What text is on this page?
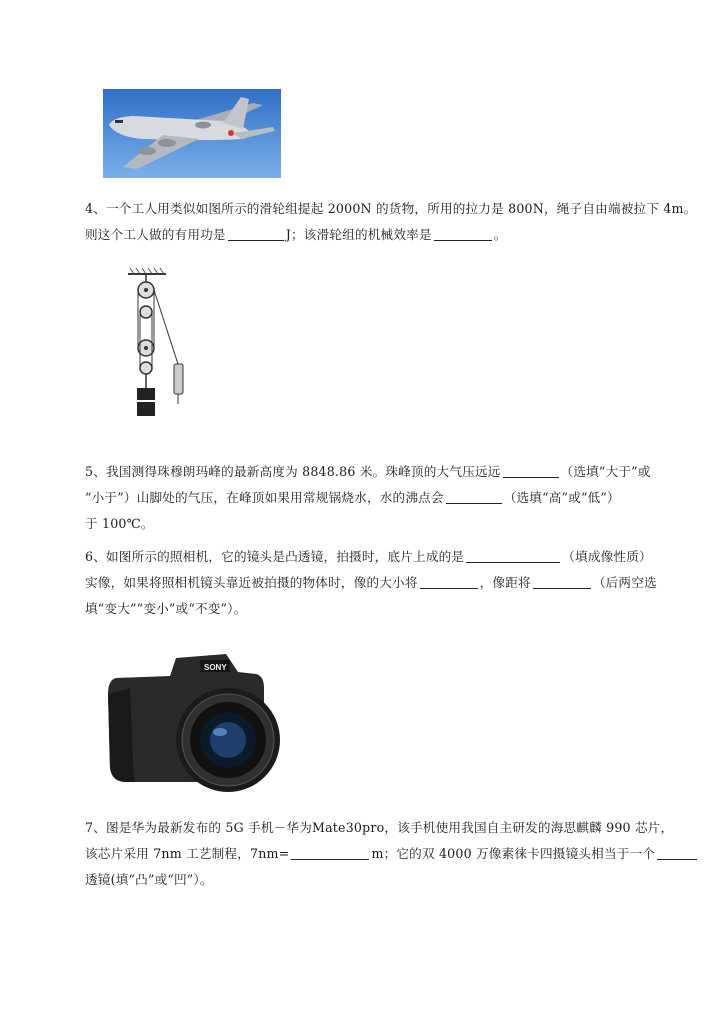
4、一个工人用类似如图所示的滑轮组提起 2000N 的货物，所用的拉力是 800N，绳子自由端被拉下 4m。
则这个工人做的有用功是	J；该滑轮组的机械效率是	。
5、我国测得珠穆朗玛峰的最新高度为 8848.86 米。珠峰顶的大气压远远	（选填“大于”或
“小于”）山脚处的气压，在峰顶如果用常规锅烧水，水的沸点会	（选填“高”或“低”）
于 100℃。
6、如图所示的照相机，它的镜头是凸透镜，拍摄时，底片上成的是	（填成像性质）
实像，如果将照相机镜头靠近被拍摄的物体时，像的大小将	，像距将	（后两空选
填“变大”“变小”或“不变”）。
SONY
7、图是华为最新发布的 5G 手机－华为Mate30pro，该手机使用我国自主研发的海思麒麟 990 芯片，
该芯片采用 7nm 工艺制程，7nm=	m；它的双 4000 万像素徕卡四摄镜头相当于一个
透镜(填“凸”或“凹”）。
